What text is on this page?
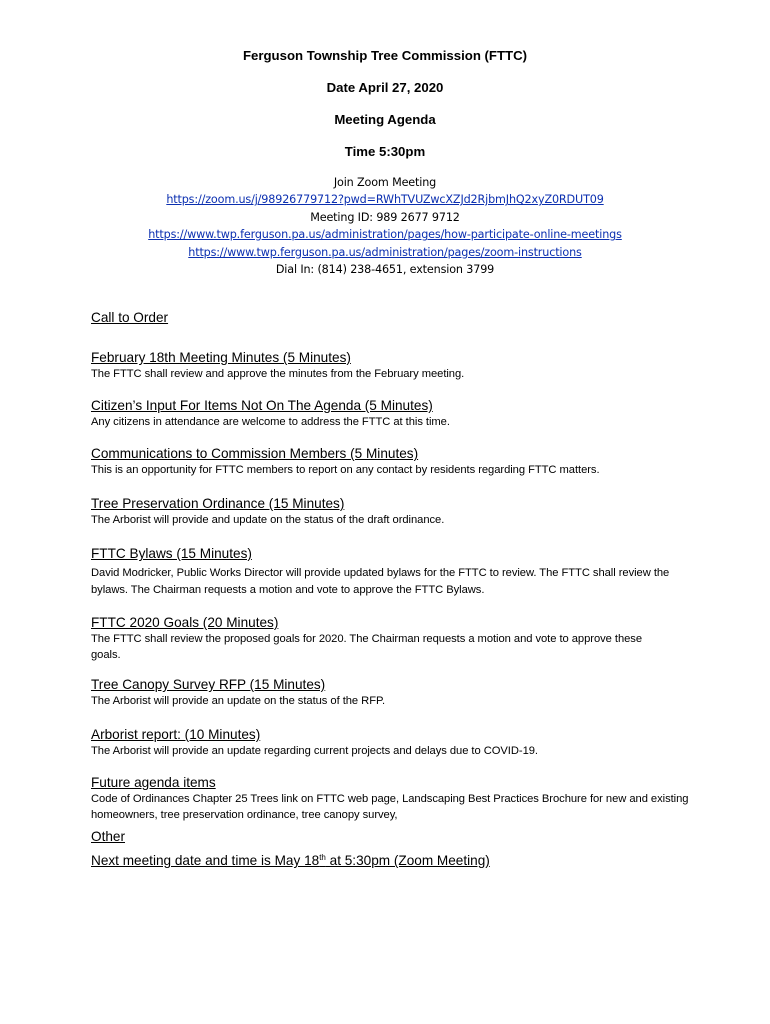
Ferguson Township Tree Commission (FTTC)
Date April 27, 2020
Meeting Agenda
Time 5:30pm
Join Zoom Meeting
https://zoom.us/j/98926779712?pwd=RWhTVUZwcXZJd2RjbmJhQ2xyZ0RDUT09
Meeting ID: 989 2677 9712
https://www.twp.ferguson.pa.us/administration/pages/how-participate-online-meetings
https://www.twp.ferguson.pa.us/administration/pages/zoom-instructions
Dial In: (814) 238-4651, extension 3799
Call to Order
February 18th Meeting Minutes (5 Minutes)
The FTTC shall review and approve the minutes from the February meeting.
Citizen’s Input For Items Not On The Agenda (5 Minutes)
Any citizens in attendance are welcome to address the FTTC at this time.
Communications to Commission Members (5 Minutes)
This is an opportunity for FTTC members to report on any contact by residents regarding FTTC matters.
Tree Preservation Ordinance (15 Minutes)
The Arborist will provide and update on the status of the draft ordinance.
FTTC Bylaws (15 Minutes)
David Modricker, Public Works Director will provide updated bylaws for the FTTC to review. The FTTC shall review the bylaws. The Chairman requests a motion and vote to approve the FTTC Bylaws.
FTTC 2020 Goals (20 Minutes)
The FTTC shall review the proposed goals for 2020. The Chairman requests a motion and vote to approve these goals.
Tree Canopy Survey RFP (15 Minutes)
The Arborist will provide an update on the status of the RFP.
Arborist report: (10 Minutes)
The Arborist will provide an update regarding current projects and delays due to COVID-19.
Future agenda items
Code of Ordinances Chapter 25 Trees link on FTTC web page, Landscaping Best Practices Brochure for new and existing homeowners, tree preservation ordinance, tree canopy survey,
Other
Next meeting date and time is May 18th at 5:30pm (Zoom Meeting)
